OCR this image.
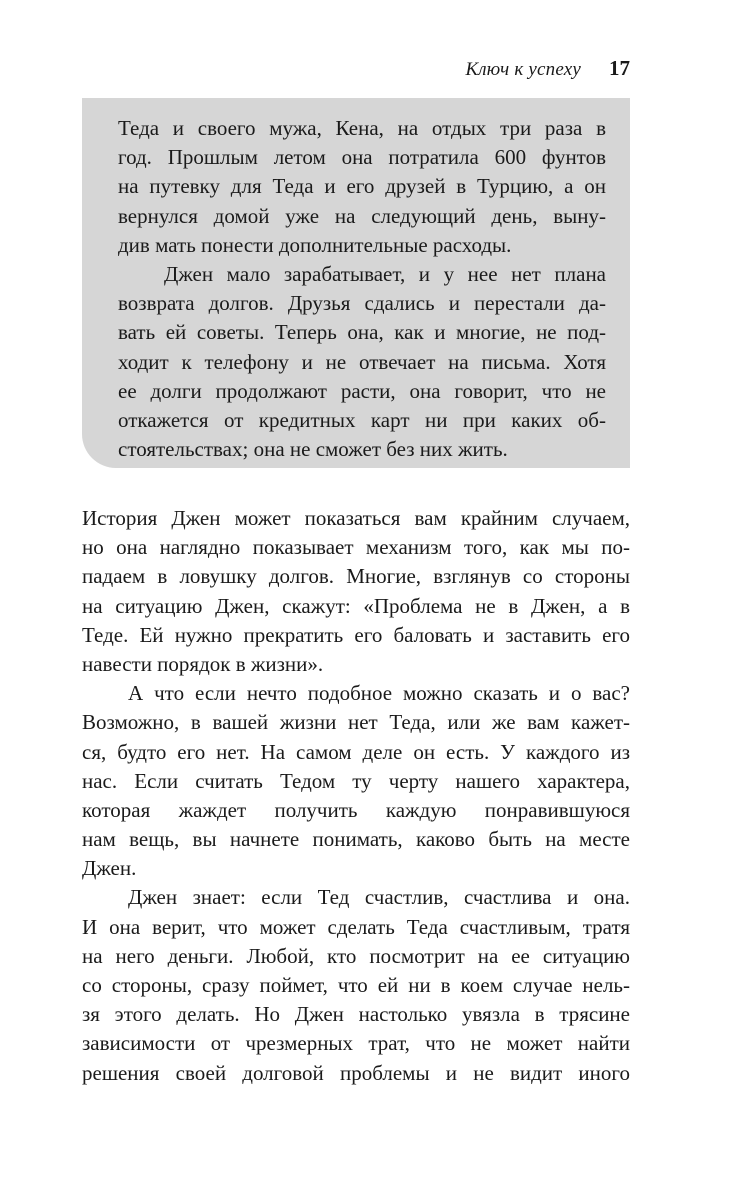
Ключ к успеху 17
Теда и своего мужа, Кена, на отдых три раза в
год. Прошлым летом она потратила 600 фунтов
на путевку для Теда и его друзей в Турцию, а он
вернулся домой уже на следующий день, выну-
див мать понести дополнительные расходы.
Джен мало зарабатывает, и у нее нет плана
возврата долгов. Друзья сдались и перестали да-
вать ей советы. Теперь она, как и многие, не под-
ходит к телефону и не отвечает на письма. Хотя
ее долги продолжают расти, она говорит, что не
откажется от кредитных карт ни при каких об-
стоятельствах; она не сможет без них жить.
История Джен может показаться вам крайним случаем,
но она наглядно показывает механизм того, как мы по-
падаем в ловушку долгов. Многие, взглянув со стороны
на ситуацию Джен, скажут: «Проблема не в Джен, а в
Теде. Ей нужно прекратить его баловать и заставить его
навести порядок в жизни».
А что если нечто подобное можно сказать и о вас?
Возможно, в вашей жизни нет Теда, или же вам кажет-
ся, будто его нет. На самом деле он есть. У каждого из
нас. Если считать Тедом ту черту нашего характера,
которая жаждет получить каждую понравившуюся
нам вещь, вы начнете понимать, каково быть на месте
Джен.
Джен знает: если Тед счастлив, счастлива и она.
И она верит, что может сделать Теда счастливым, тратя
на него деньги. Любой, кто посмотрит на ее ситуацию
со стороны, сразу поймет, что ей ни в коем случае нель-
зя этого делать. Но Джен настолько увязла в трясине
зависимости от чрезмерных трат, что не может найти
решения своей долговой проблемы и не видит иного
